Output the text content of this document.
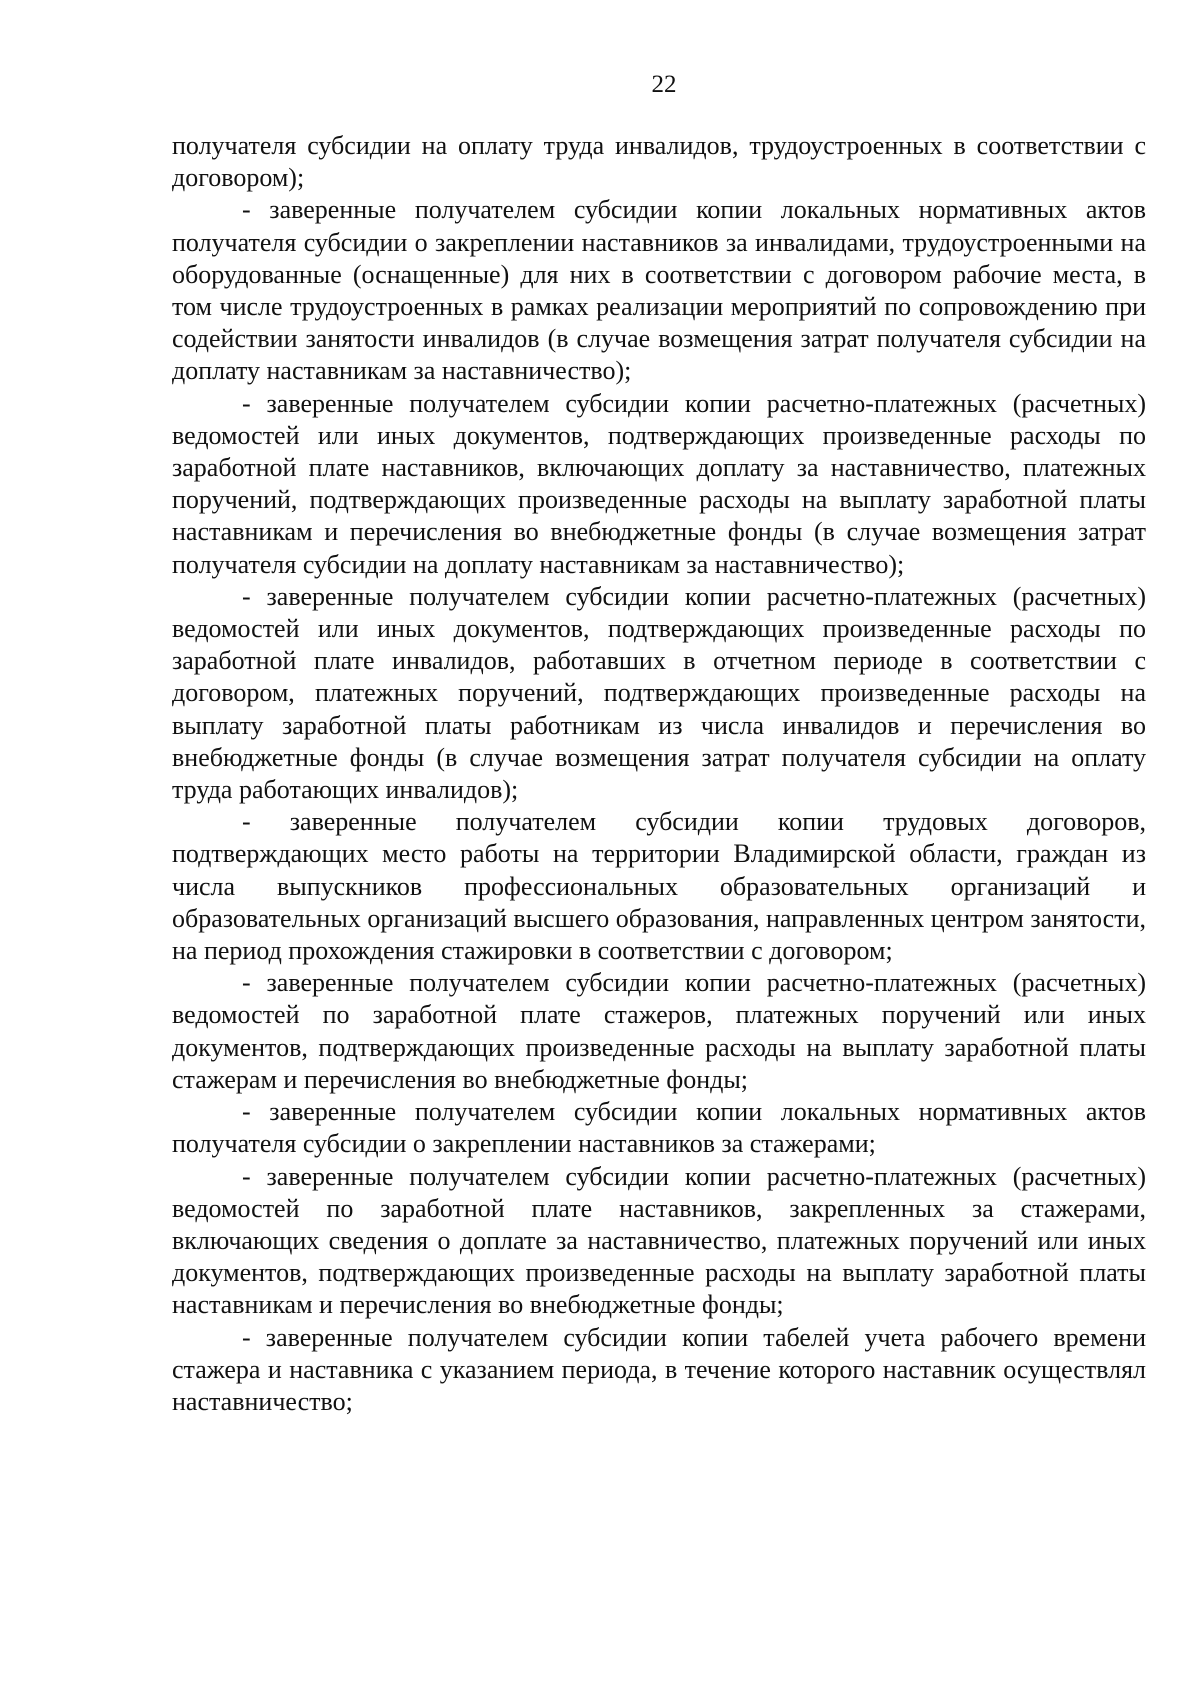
22

получателя субсидии на оплату труда инвалидов, трудоустроенных в соответствии с договором);

- заверенные получателем субсидии копии локальных нормативных актов получателя субсидии о закреплении наставников за инвалидами, трудоустроенными на оборудованные (оснащенные) для них в соответствии с договором рабочие места, в том числе трудоустроенных в рамках реализации мероприятий по сопровождению при содействии занятости инвалидов (в случае возмещения затрат получателя субсидии на доплату наставникам за наставничество);

- заверенные получателем субсидии копии расчетно-платежных (расчетных) ведомостей или иных документов, подтверждающих произведенные расходы по заработной плате наставников, включающих доплату за наставничество, платежных поручений, подтверждающих произведенные расходы на выплату заработной платы наставникам и перечисления во внебюджетные фонды (в случае возмещения затрат получателя субсидии на доплату наставникам за наставничество);

- заверенные получателем субсидии копии расчетно-платежных (расчетных) ведомостей или иных документов, подтверждающих произведенные расходы по заработной плате инвалидов, работавших в отчетном периоде в соответствии с договором, платежных поручений, подтверждающих произведенные расходы на выплату заработной платы работникам из числа инвалидов и перечисления во внебюджетные фонды (в случае возмещения затрат получателя субсидии на оплату труда работающих инвалидов);

- заверенные получателем субсидии копии трудовых договоров, подтверждающих место работы на территории Владимирской области, граждан из числа выпускников профессиональных образовательных организаций и образовательных организаций высшего образования, направленных центром занятости, на период прохождения стажировки в соответствии с договором;

- заверенные получателем субсидии копии расчетно-платежных (расчетных) ведомостей по заработной плате стажеров, платежных поручений или иных документов, подтверждающих произведенные расходы на выплату заработной платы стажерам и перечисления во внебюджетные фонды;

- заверенные получателем субсидии копии локальных нормативных актов получателя субсидии о закреплении наставников за стажерами;

- заверенные получателем субсидии копии расчетно-платежных (расчетных) ведомостей по заработной плате наставников, закрепленных за стажерами, включающих сведения о доплате за наставничество, платежных поручений или иных документов, подтверждающих произведенные расходы на выплату заработной платы наставникам и перечисления во внебюджетные фонды;

- заверенные получателем субсидии копии табелей учета рабочего времени стажера и наставника с указанием периода, в течение которого наставник осуществлял наставничество;
